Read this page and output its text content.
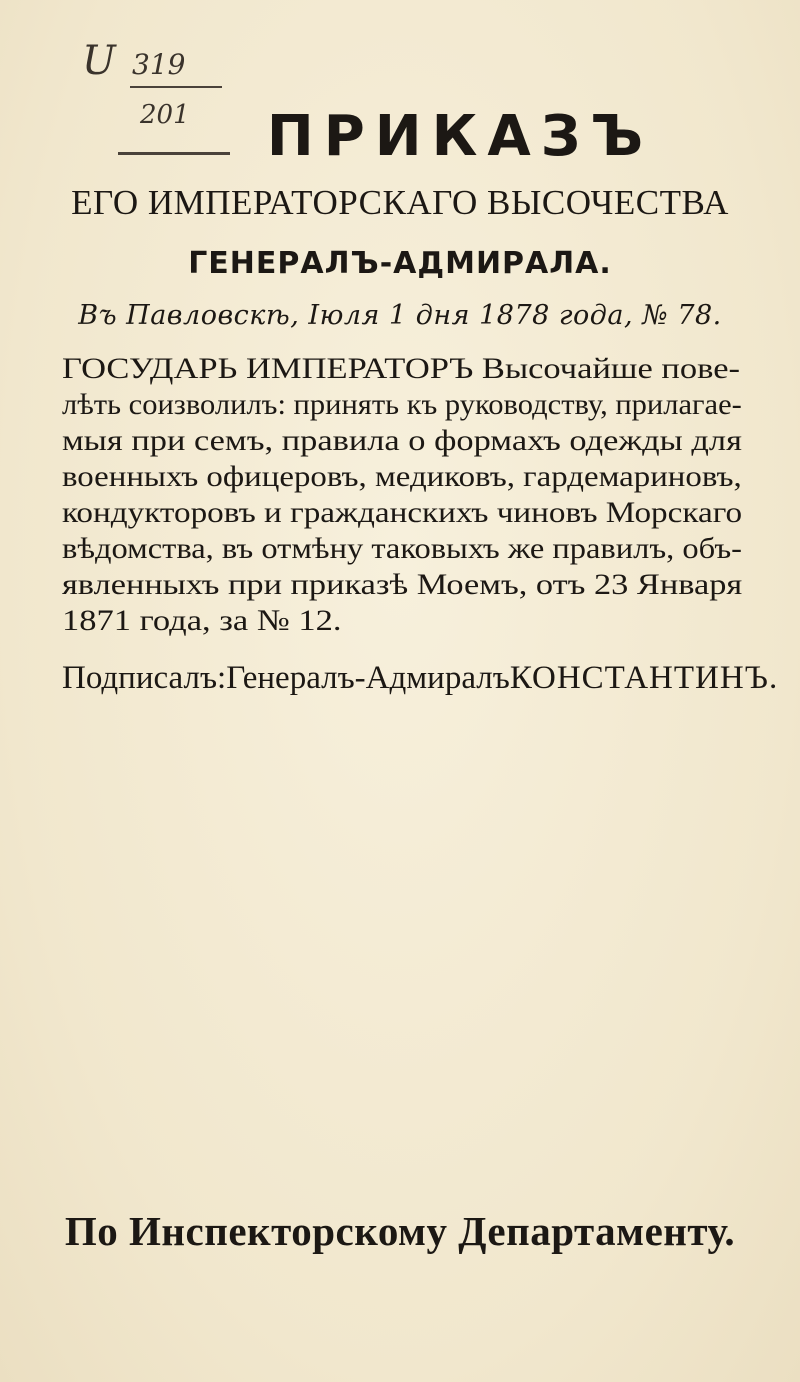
U 319
201	ПРИКАЗЪ
ЕГО ИМПЕРАТОРСКАГО ВЫСОЧЕСТВА
ГЕНЕРАЛЪ-АДМИРАЛА.
Въ Павловскѣ, Іюля 1 дня 1878 года, № 78.
ГОСУДАРЬ ИМПЕРАТОРЪ Высочайше пове-
лѣть соизволилъ: принять къ руководству, прилагае-
мыя при семъ, правила о формахъ одежды для
военныхъ офицеровъ, медиковъ, гардемариновъ,
кондукторовъ и гражданскихъ чиновъ Морскаго
вѣдомства, въ отмѣну таковыхъ же правилъ, объ-
явленныхъ при приказѣ Моемъ, отъ 23 Января
1871 года, за № 12.
Подписалъ: Генералъ-Адмиралъ КОНСТАНТИНЪ.
По Инспекторскому Департаменту.
